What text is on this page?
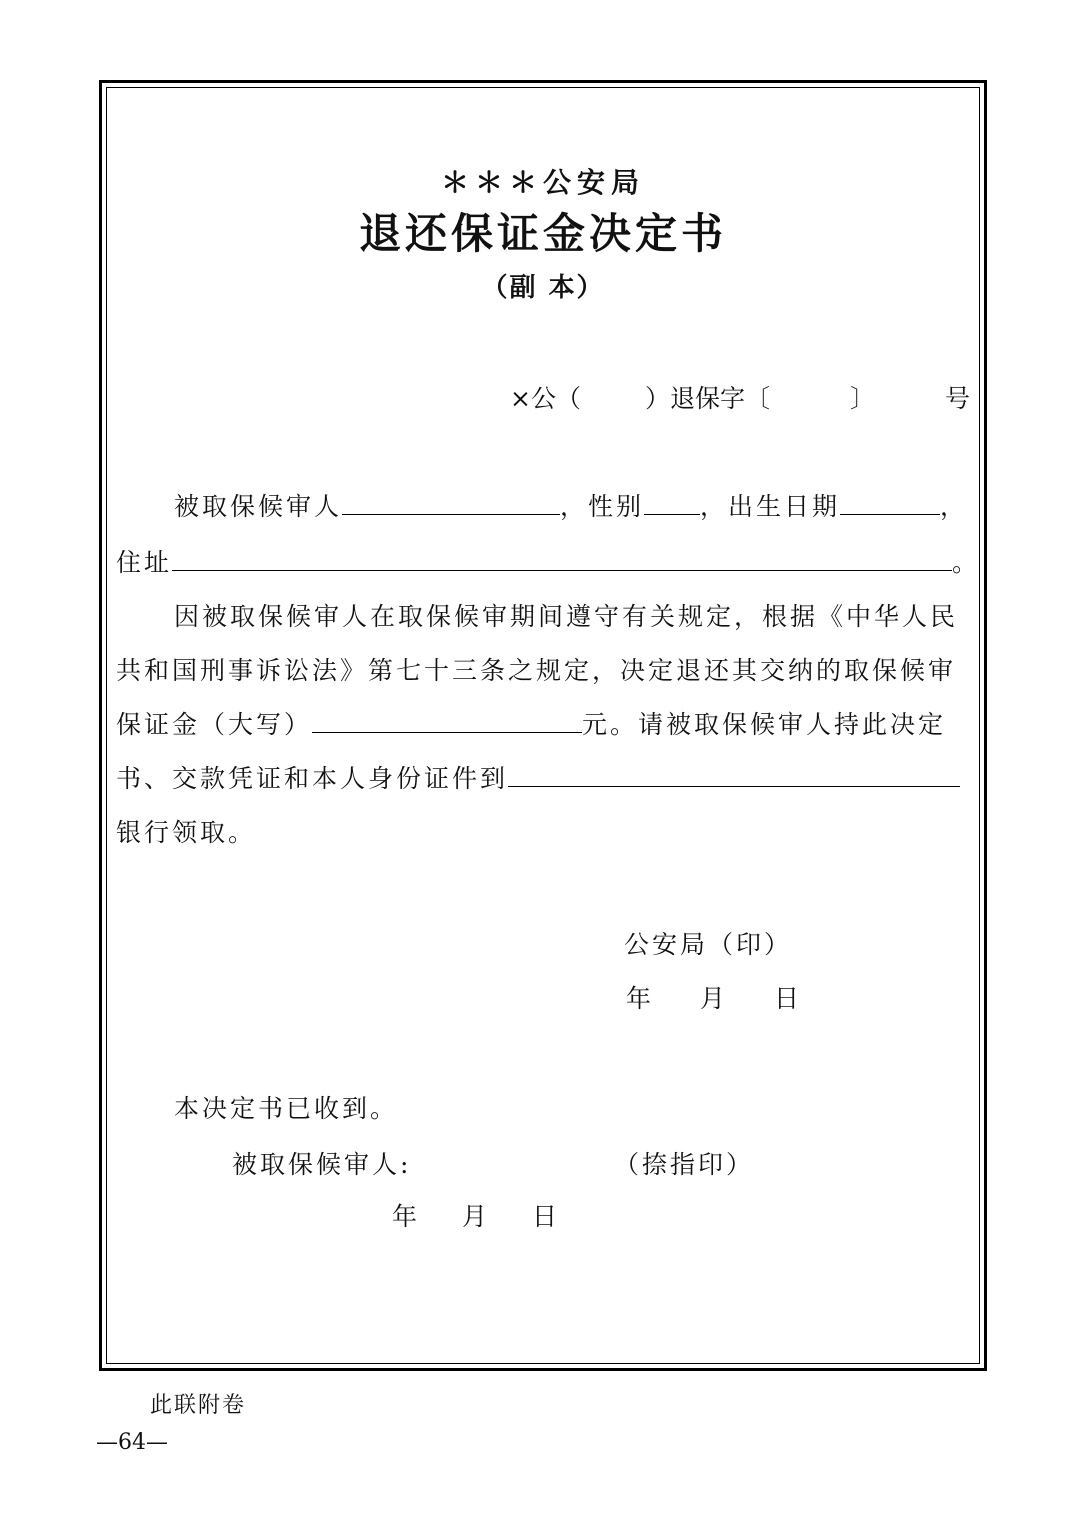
＊＊＊公安局
退还保证金决定书
（副 本）
×公（	）退保字〔	〕	号
被取保候审人	，性别 ，出生日期	，
住址	。
因被取保候审人在取保候审期间遵守有关规定，根据《中华人民
共和国刑事诉讼法》第七十三条之规定，决定退还其交纳的取保候审
保证金（大写）	元。请被取保候审人持此决定
书、交款凭证和本人身份证件到
银行领取。
公安局（印）
年 月 日
本决定书已收到。
被取保候审人:	（捺指印）
年 月 日
此联附卷
—64—
